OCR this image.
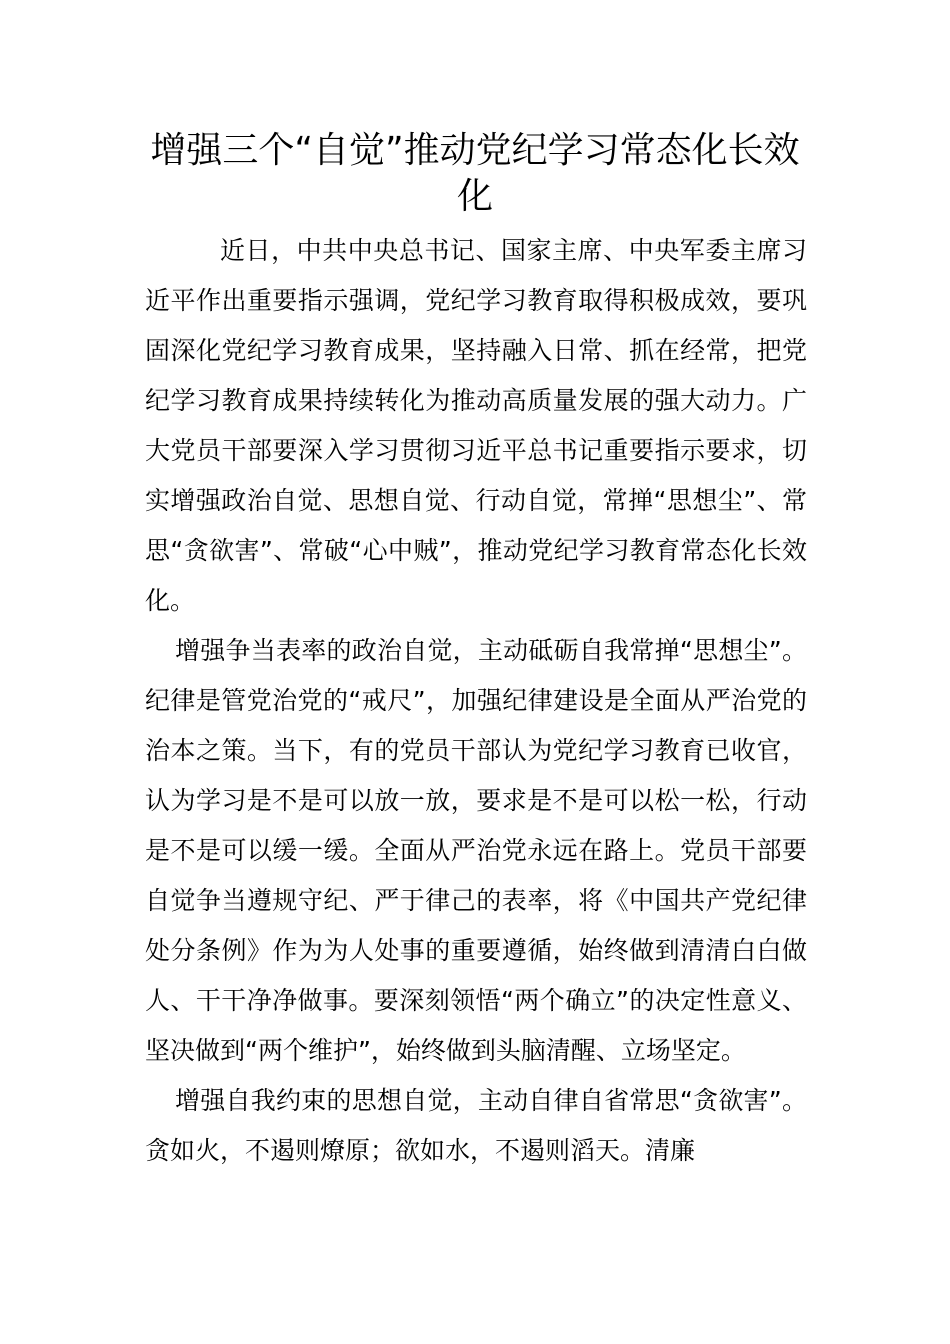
增强三个“自觉”推动党纪学习常态化长效化

近日，中共中央总书记、国家主席、中央军委主席习近平作出重要指示强调，党纪学习教育取得积极成效，要巩固深化党纪学习教育成果，坚持融入日常、抓在经常，把党纪学习教育成果持续转化为推动高质量发展的强大动力。广大党员干部要深入学习贯彻习近平总书记重要指示要求，切实增强政治自觉、思想自觉、行动自觉，常掸“思想尘”、常思“贪欲害”、常破“心中贼”，推动党纪学习教育常态化长效化。

增强争当表率的政治自觉，主动砥砺自我常掸“思想尘”。纪律是管党治党的“戒尺”，加强纪律建设是全面从严治党的治本之策。当下，有的党员干部认为党纪学习教育已收官，认为学习是不是可以放一放，要求是不是可以松一松，行动是不是可以缓一缓。全面从严治党永远在路上。党员干部要自觉争当遵规守纪、严于律己的表率，将《中国共产党纪律处分条例》作为为人处事的重要遵循，始终做到清清白白做人、干干净净做事。要深刻领悟“两个确立”的决定性意义、坚决做到“两个维护”，始终做到头脑清醒、立场坚定。

增强自我约束的思想自觉，主动自律自省常思“贪欲害”。贪如火，不遏则燎原；欲如水，不遏则滔天。清廉
